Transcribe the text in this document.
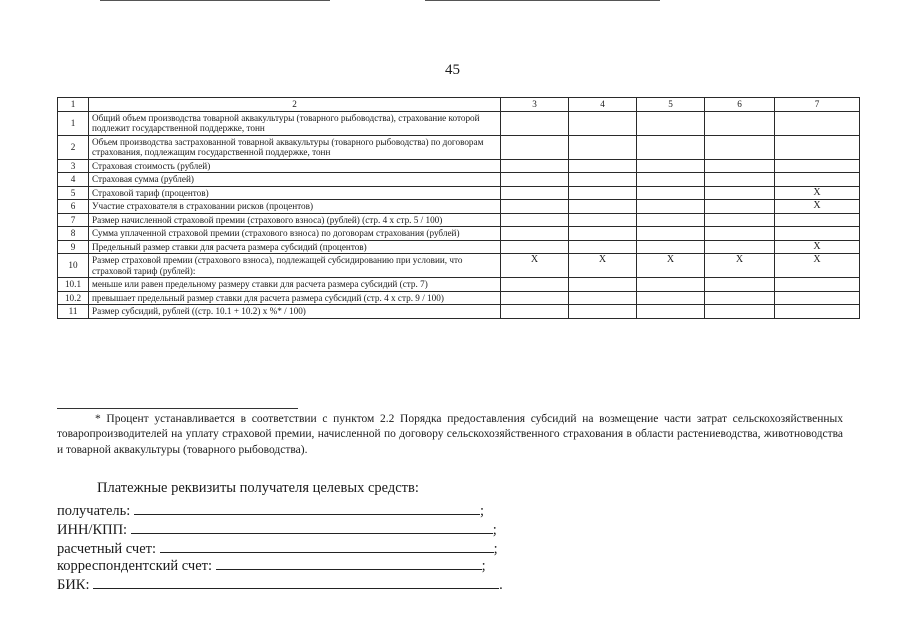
45
1	2	3	4	5	6	7
1	Общий объем производства товарной аквакультуры (товарного рыбоводства), страхование которой подлежит государственной поддержке, тонн					
2	Объем производства застрахованной товарной аквакультуры (товарного рыбоводства) по договорам страхования, подлежащим государственной поддержке, тонн					
3	Страховая стоимость (рублей)					
4	Страховая сумма (рублей)					
5	Страховой тариф (процентов)					X
6	Участие страхователя в страховании рисков (процентов)					X
7	Размер начисленной страховой премии (страхового взноса) (рублей) (стр. 4 x стр. 5 / 100)					
8	Сумма уплаченной страховой премии (страхового взноса) по договорам страхования (рублей)					
9	Предельный размер ставки для расчета размера субсидий (процентов)					X
10	Размер страховой премии (страхового взноса), подлежащей субсидированию при условии, что страховой тариф (рублей):	X	X	X	X	X
10.1	меньше или равен предельному размеру ставки для расчета размера субсидий (стр. 7)					
10.2	превышает предельный размер ставки для расчета размера субсидий (стр. 4 x стр. 9 / 100)					
11	Размер субсидий, рублей ((стр. 10.1 + 10.2) x %* / 100)					
* Процент устанавливается в соответствии с пунктом 2.2 Порядка предоставления субсидий на возмещение части затрат сельскохозяйственных товаропроизводителей на уплату страховой премии, начисленной по договору сельскохозяйственного страхования в области растениеводства, животноводства и товарной аквакультуры (товарного рыбоводства).
Платежные реквизиты получателя целевых средств:
получатель:	;
ИНН/КПП:	;
расчетный счет:	;
корреспондентский счет:	;
БИК:	.
